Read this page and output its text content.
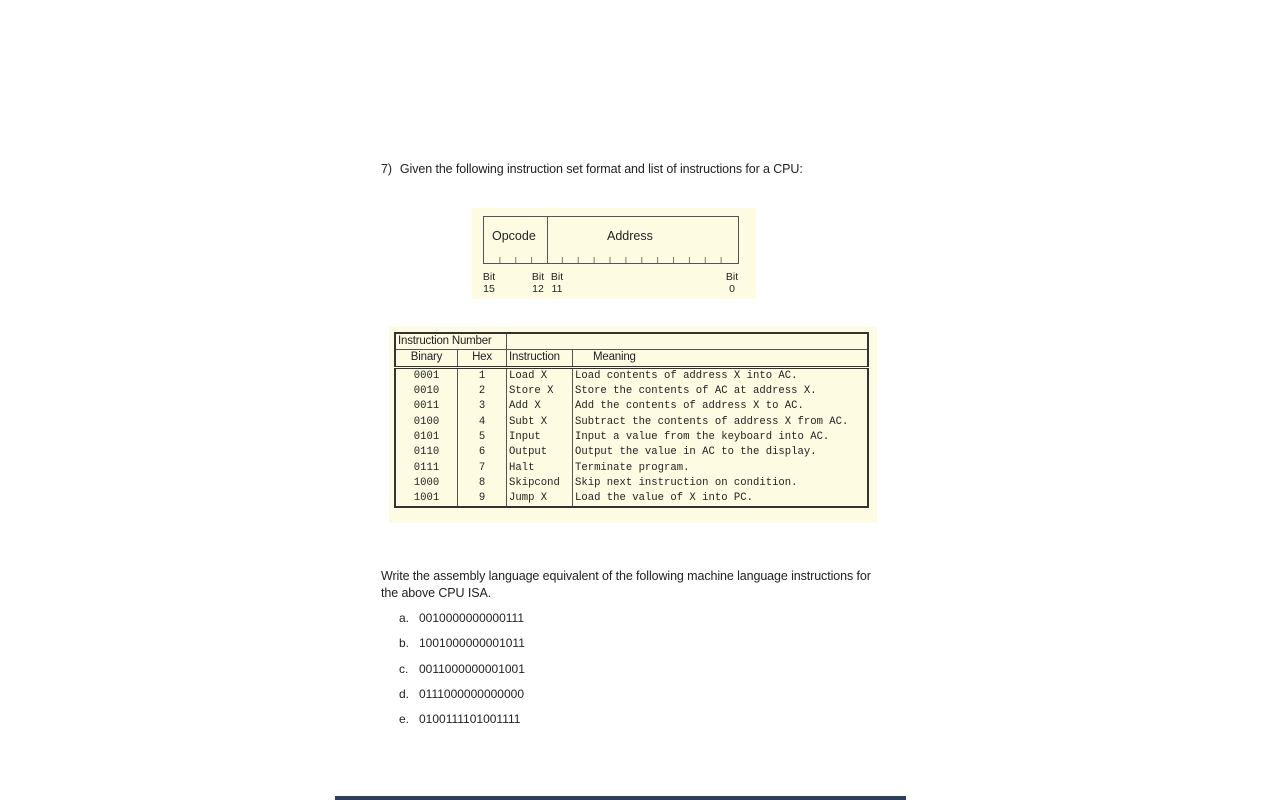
7) Given the following instruction set format and list of instructions for a CPU:
Opcode	Address
Bit
15
Bit
12
Bit
11
Bit
0
Instruction Number			
Binary	Hex	Instruction	Meaning
0001	1	Load X	Load contents of address X into AC.
0010	2	Store X	Store the contents of AC at address X.
0011	3	Add X	Add the contents of address X to AC.
0100	4	Subt X	Subtract the contents of address X from AC.
0101	5	Input	Input a value from the keyboard into AC.
0110	6	Output	Output the value in AC to the display.
0111	7	Halt	Terminate program.
1000	8	Skipcond	Skip next instruction on condition.
1001	9	Jump X	Load the value of X into PC.
Write the assembly language equivalent of the following machine language instructions for the above CPU ISA.
a. 0010000000000111
b. 1001000000001011
c. 0011000000001001
d. 0111000000000000
e. 0100111101001111
